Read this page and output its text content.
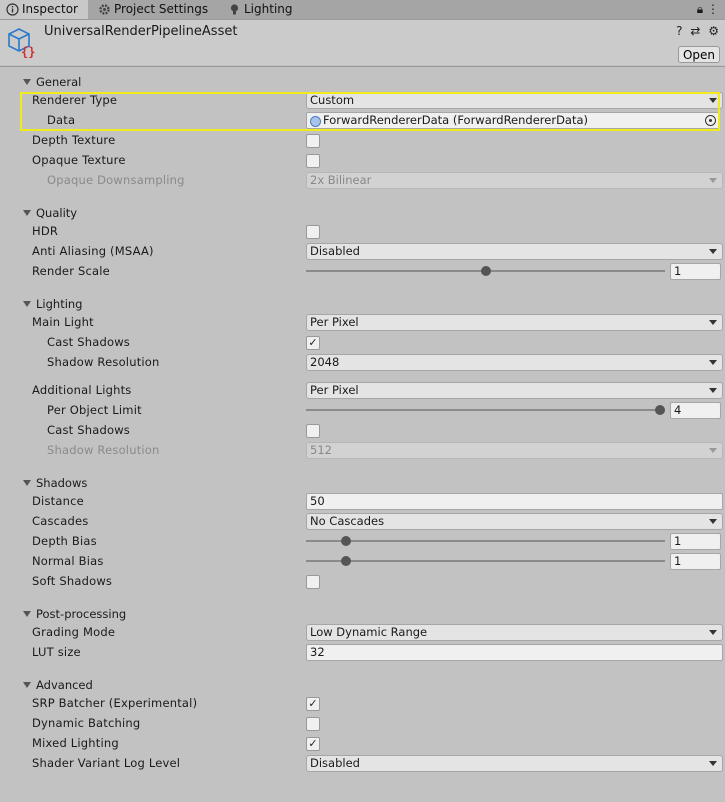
Inspector	Project Settings	Lighting	🔒︎ ⋮
{}
UniversalRenderPipelineAsset	? ⇄ ⚙
Open
General
Renderer Type	Custom
Data	ForwardRendererData (ForwardRendererData)
Depth Texture
Opaque Texture
Opaque Downsampling	2x Bilinear
Quality
HDR
Anti Aliasing (MSAA)	Disabled
Render Scale	1
Lighting
Main Light	Per Pixel
Cast Shadows	✓
Shadow Resolution	2048
Additional Lights	Per Pixel
Per Object Limit	4
Cast Shadows
Shadow Resolution	512
Shadows
Distance	50
Cascades	No Cascades
Depth Bias	1
Normal Bias	1
Soft Shadows
Post-processing
Grading Mode	Low Dynamic Range
LUT size	32
Advanced
SRP Batcher (Experimental)	✓
Dynamic Batching
Mixed Lighting	✓
Shader Variant Log Level	Disabled
